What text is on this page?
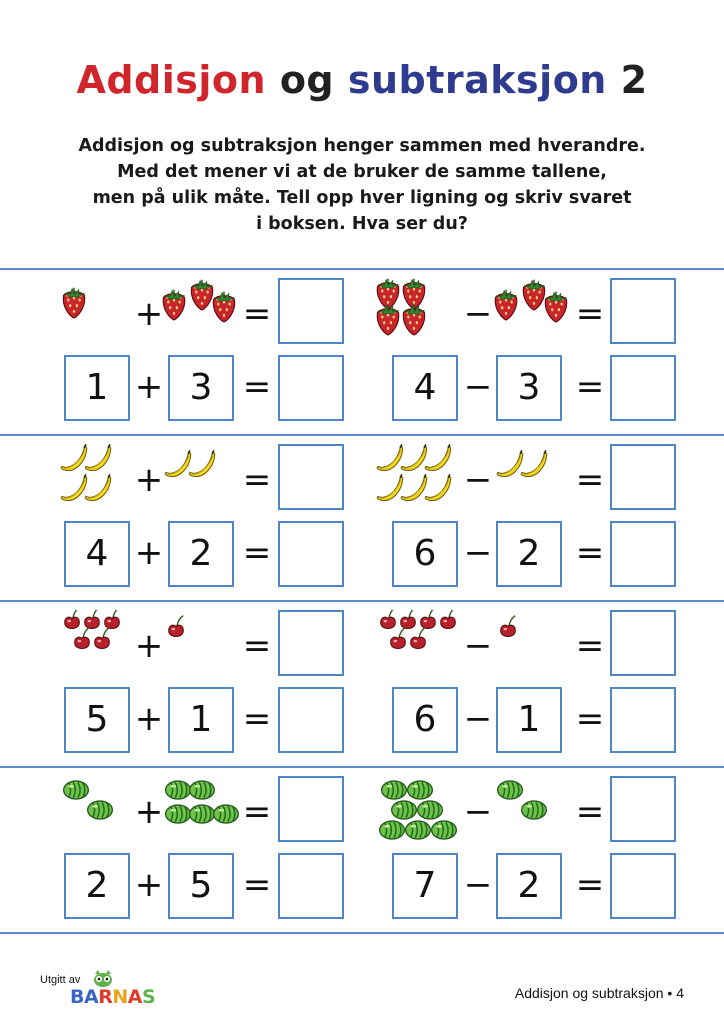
Addisjon og subtraksjon 2
Addisjon og subtraksjon henger sammen med hverandre.
Med det mener vi at de bruker de samme tallene,
men på ulik måte. Tell opp hver ligning og skriv svaret
i boksen. Hva ser du?
+ =	− =
1 + 3 =	4 − 3	=
+ =	− =
4 + 2 =	6 − 2	=
+ =	− =
5 + 1 =	6 − 1	=
+ =	− =
2 + 5 =	7 − 2	=
Utgitt av
BARNAS	Addisjon og subtraksjon • 4
